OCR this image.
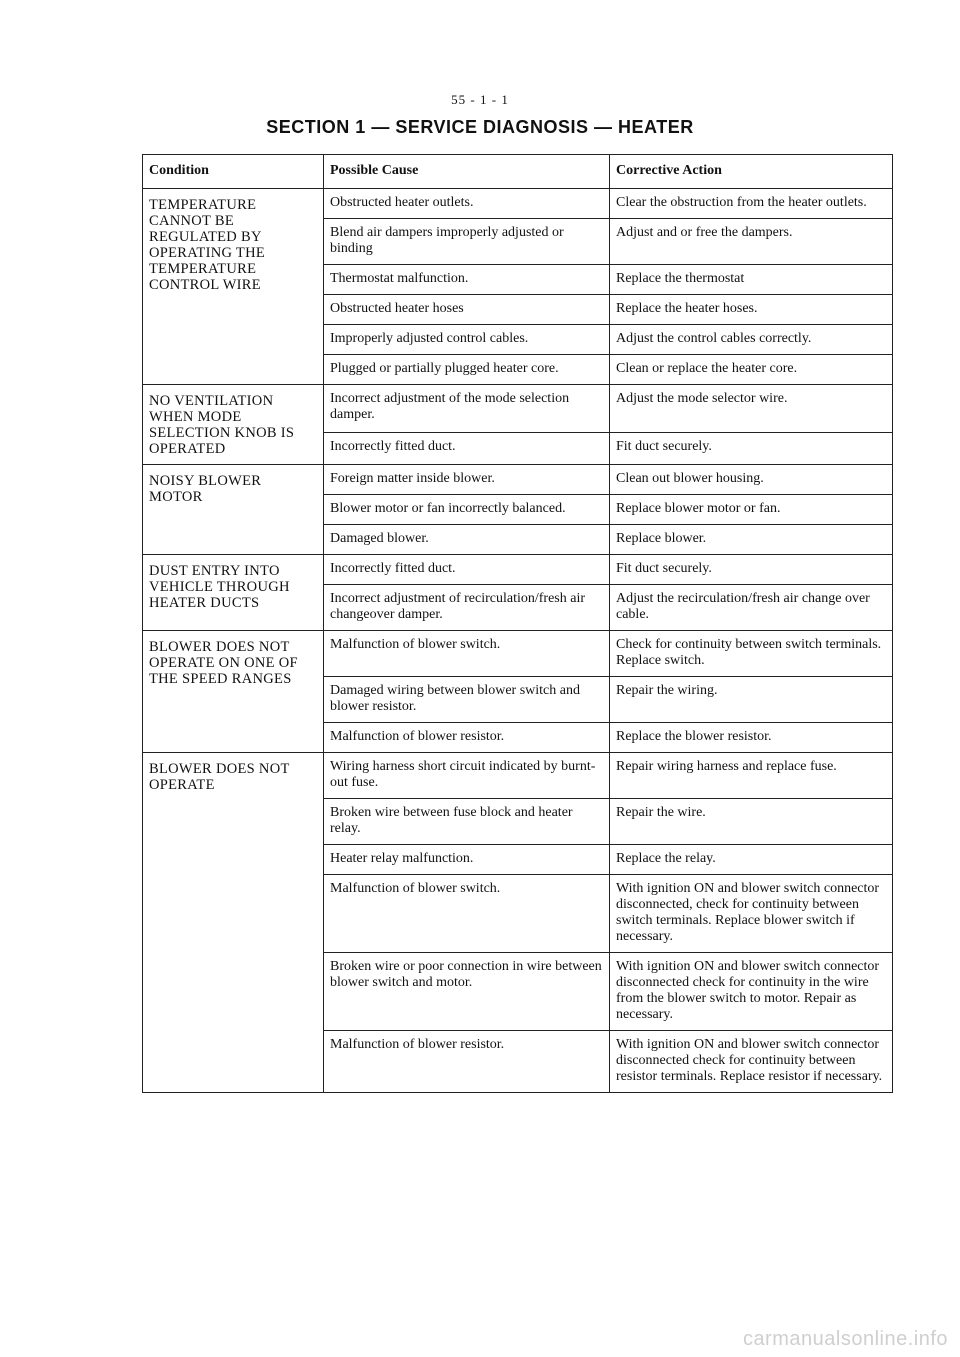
55 - 1 - 1
SECTION 1 — SERVICE DIAGNOSIS — HEATER
Condition	Possible Cause	Corrective Action
TEMPERATURE CANNOT BE REGULATED BY OPERATING THE TEMPERATURE CONTROL WIRE	Obstructed heater outlets.	Clear the obstruction from the heater outlets.
	Blend air dampers improperly adjusted or binding	Adjust and or free the dampers.
	Thermostat malfunction.	Replace the thermostat
	Obstructed heater hoses	Replace the heater hoses.
	Improperly adjusted control cables.	Adjust the control cables correctly.
	Plugged or partially plugged heater core.	Clean or replace the heater core.
NO VENTILATION WHEN MODE SELECTION KNOB IS OPERATED	Incorrect adjustment of the mode selection damper.	Adjust the mode selector wire.
	Incorrectly fitted duct.	Fit duct securely.
NOISY BLOWER MOTOR	Foreign matter inside blower.	Clean out blower housing.
	Blower motor or fan incorrectly balanced.	Replace blower motor or fan.
	Damaged blower.	Replace blower.
DUST ENTRY INTO VEHICLE THROUGH HEATER DUCTS	Incorrectly fitted duct.	Fit duct securely.
	Incorrect adjustment of recirculation/fresh air changeover damper.	Adjust the recirculation/fresh air change over cable.
BLOWER DOES NOT OPERATE ON ONE OF THE SPEED RANGES	Malfunction of blower switch.	Check for continuity between switch terminals. Replace switch.
	Damaged wiring between blower switch and blower resistor.	Repair the wiring.
	Malfunction of blower resistor.	Replace the blower resistor.
BLOWER DOES NOT OPERATE	Wiring harness short circuit indicated by burnt-out fuse.	Repair wiring harness and replace fuse.
	Broken wire between fuse block and heater relay.	Repair the wire.
	Heater relay malfunction.	Replace the relay.
	Malfunction of blower switch.	With ignition ON and blower switch connector disconnected, check for continuity between switch terminals. Replace blower switch if necessary.
	Broken wire or poor connection in wire between blower switch and motor.	With ignition ON and blower switch connector disconnected check for continuity in the wire from the blower switch to motor. Repair as necessary.
	Malfunction of blower resistor.	With ignition ON and blower switch connector disconnected check for continuity between resistor terminals. Replace resistor if necessary.
carmanualsonline.info
